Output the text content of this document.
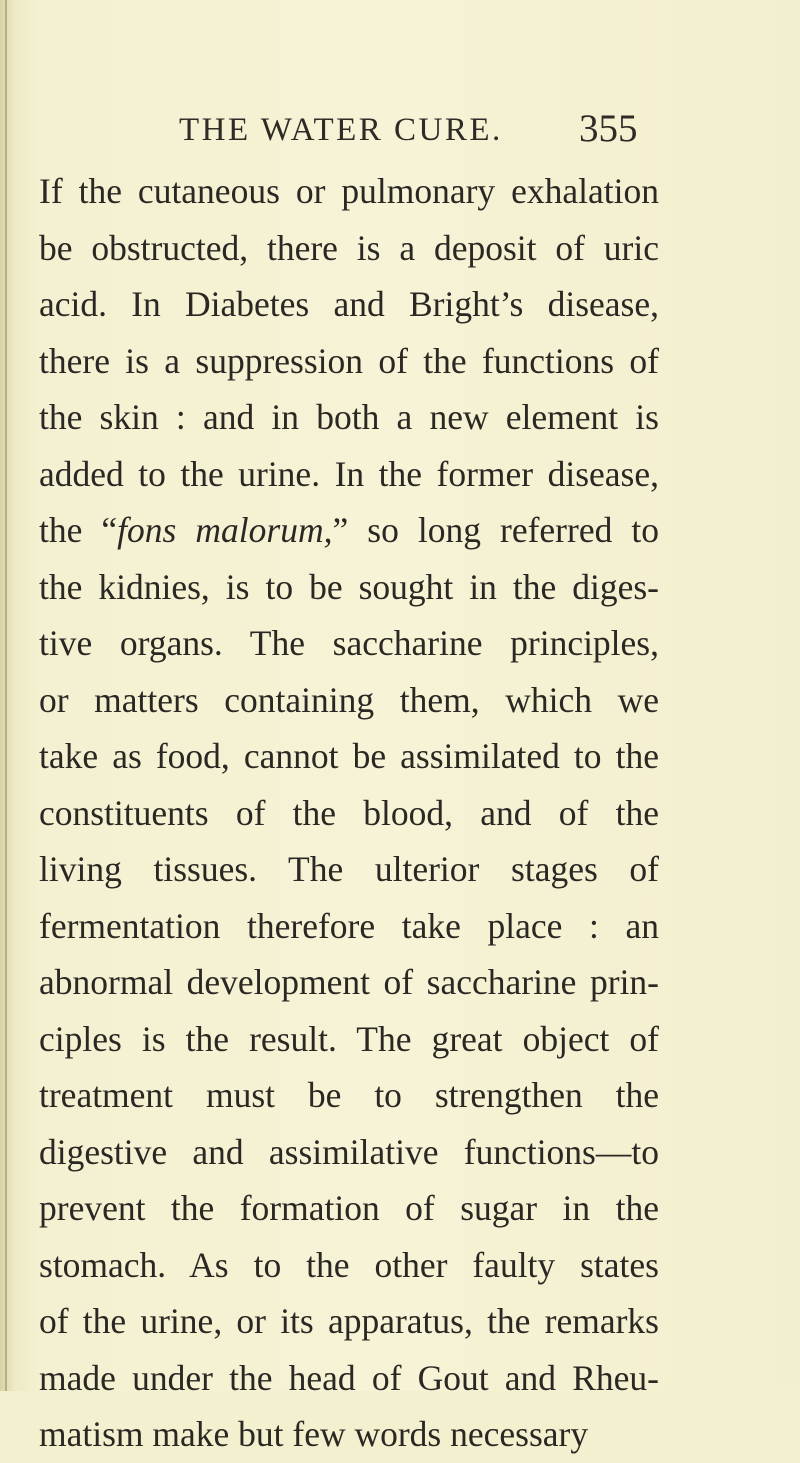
THE WATER CURE. 355
If the cutaneous or pulmonary exhalation
be obstructed, there is a deposit of uric
acid. In Diabetes and Bright’s disease,
there is a suppression of the functions of
the skin : and in both a new element is
added to the urine. In the former disease,
the “fons malorum,” so long referred to
the kidnies, is to be sought in the diges-
tive organs. The saccharine principles,
or matters containing them, which we
take as food, cannot be assimilated to the
constituents of the blood, and of the
living tissues. The ulterior stages of
fermentation therefore take place : an
abnormal development of saccharine prin-
ciples is the result. The great object of
treatment must be to strengthen the
digestive and assimilative functions—to
prevent the formation of sugar in the
stomach. As to the other faulty states
of the urine, or its apparatus, the remarks
made under the head of Gout and Rheu-
matism make but few words necessary
